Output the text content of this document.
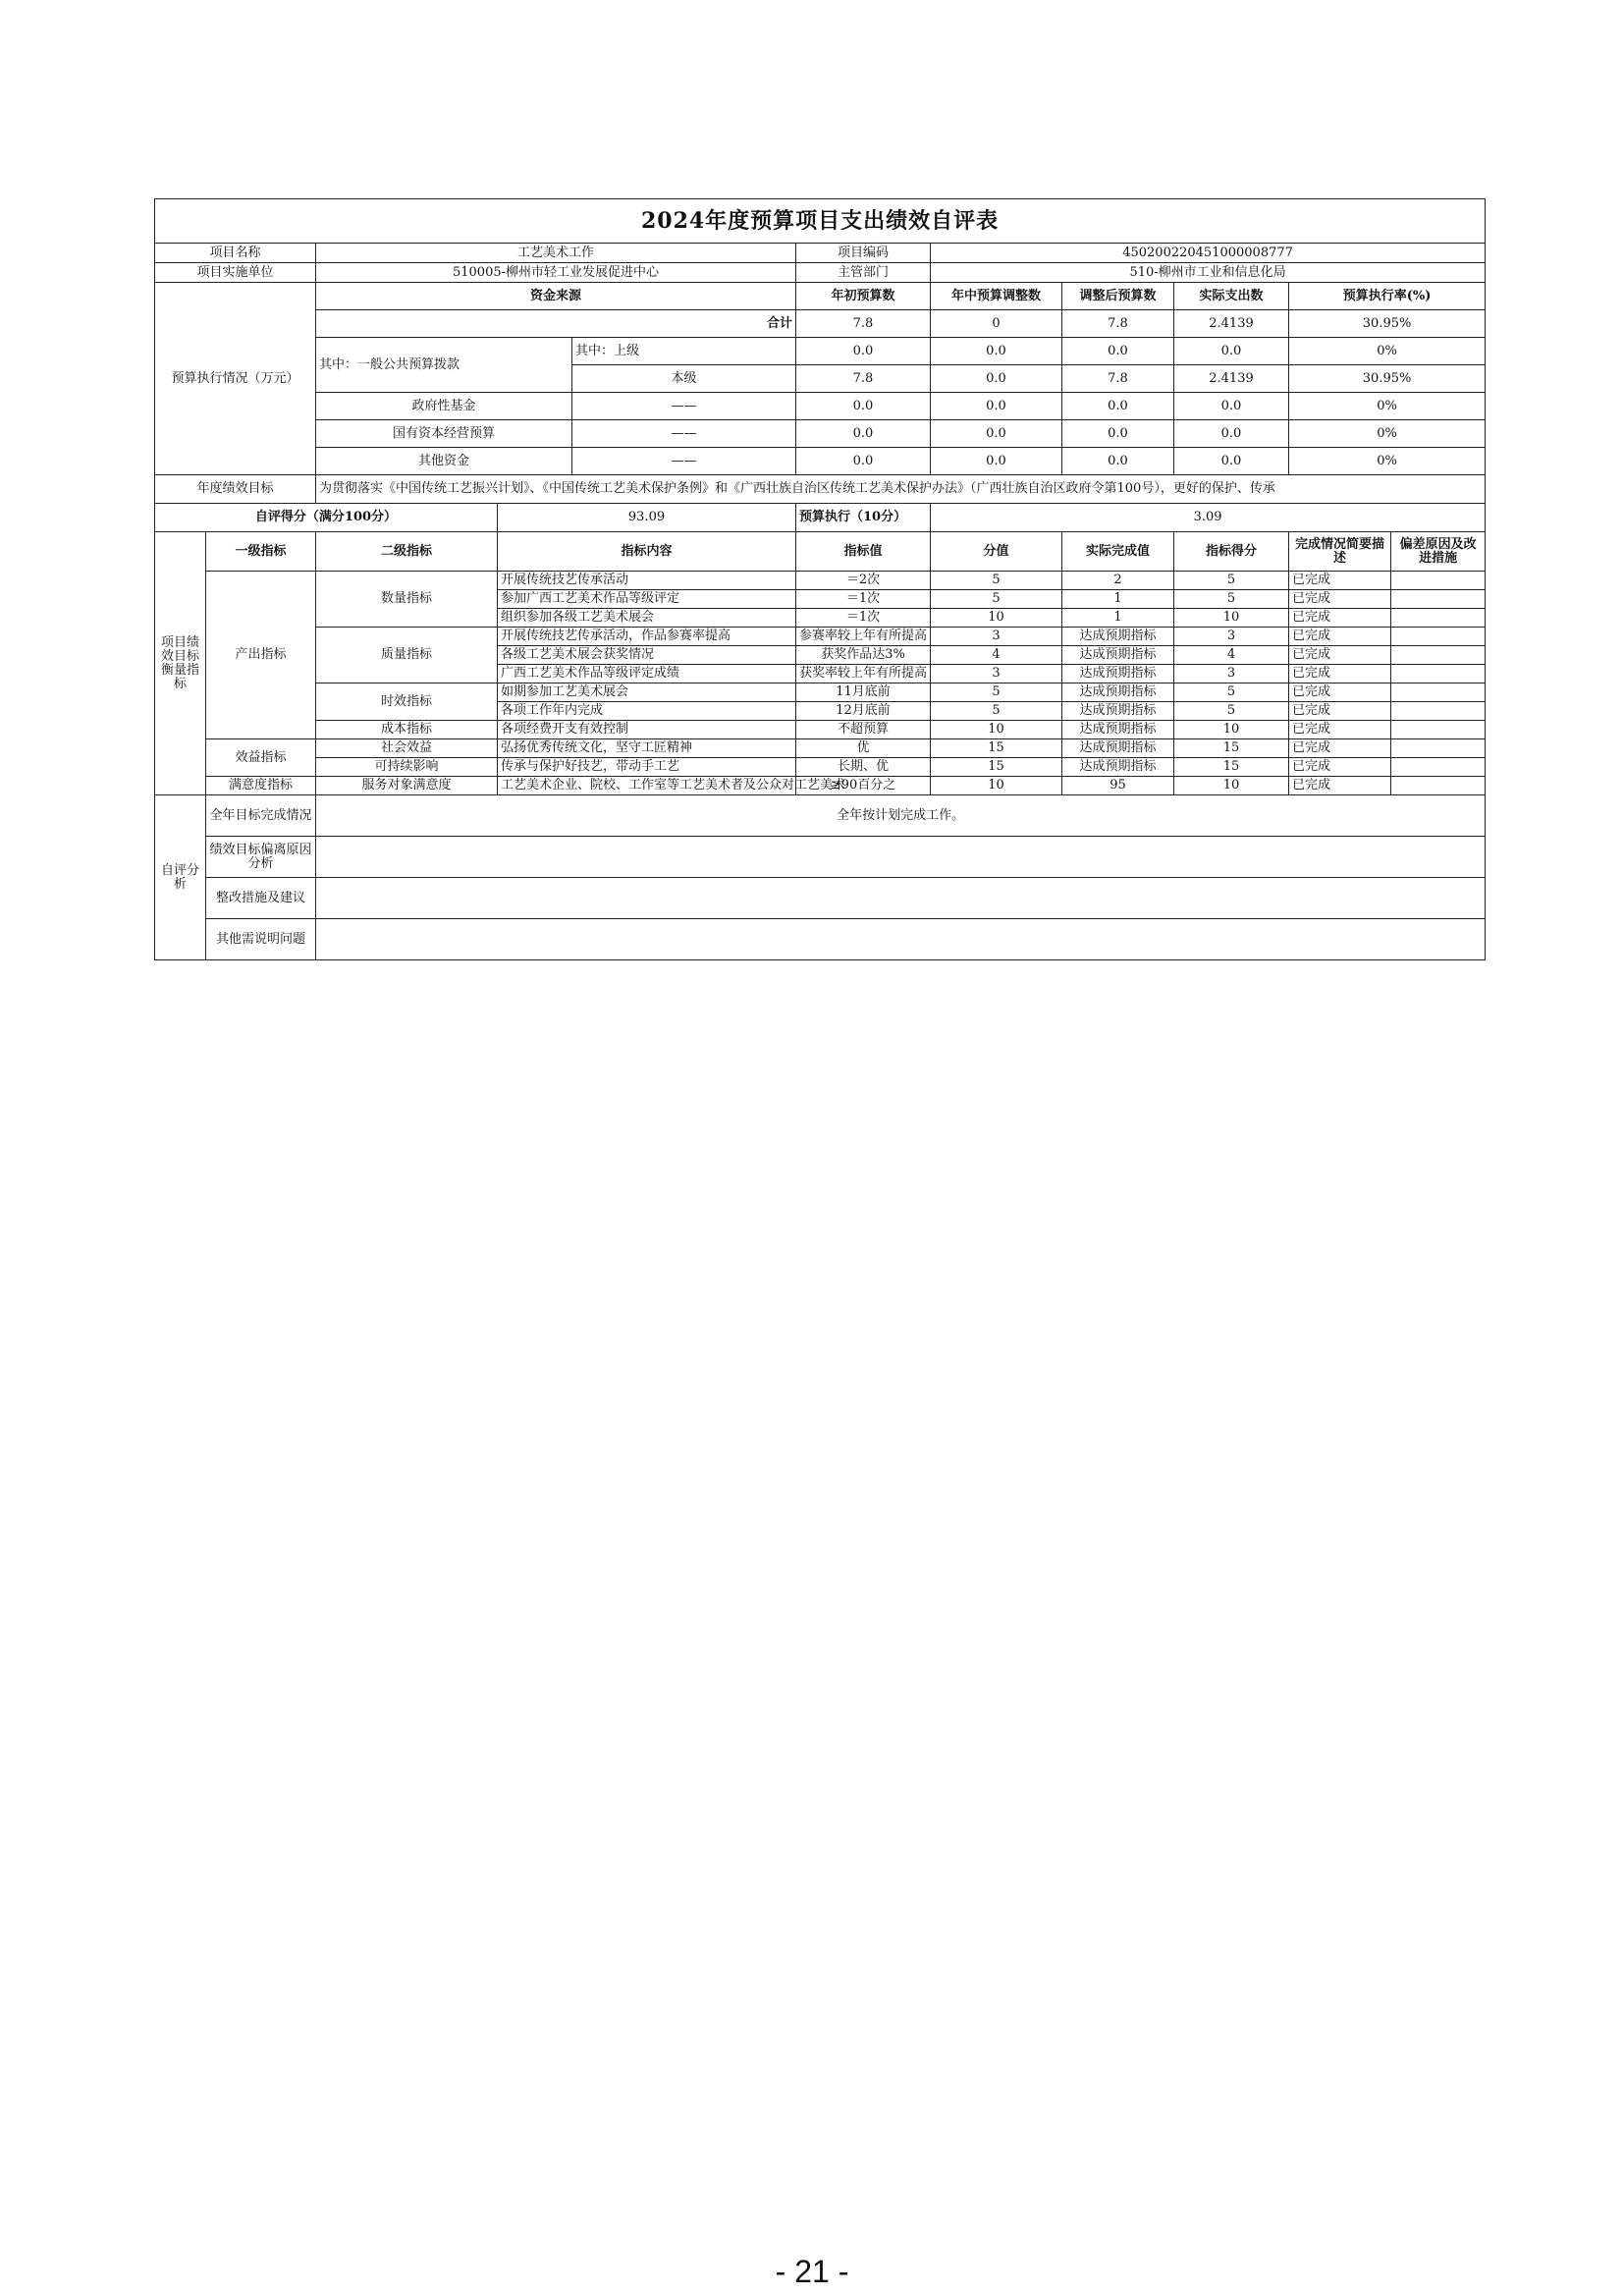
2024年度预算项目支出绩效自评表										
项目名称		工艺美术工作			项目编码	450200220451000008777				
项目实施单位		510005-柳州市轻工业发展促进中心			主管部门	510-柳州市工业和信息化局				
预算执行情况（万元）		资金来源			年初预算数	年中预算调整数	调整后预算数	实际支出数	预算执行率(%)	
		合计			7.8	0	7.8	2.4139	30.95%	
		其中：一般公共预算拨款		其中：上级	0.0	0.0	0.0	0.0	0%	
				本级	7.8	0.0	7.8	2.4139	30.95%	
		政府性基金		——	0.0	0.0	0.0	0.0	0%	
		国有资本经营预算		——	0.0	0.0	0.0	0.0	0%	
		其他资金		——	0.0	0.0	0.0	0.0	0%	
年度绩效目标		为贯彻落实《中国传统工艺振兴计划》、《中国传统工艺美术保护条例》和《广西壮族自治区传统工艺美术保护办法》（广西壮族自治区政府令第100号），更好的保护、传承								
自评得分（满分100分）			93.09		预算执行（10分）	3.09				
项目绩效目标衡量指标	一级指标	二级指标	指标内容		指标值	分值	实际完成值	指标得分	完成情况简要描述	偏差原因及改进措施
	产出指标	数量指标	开展传统技艺传承活动		＝2次	5	2	5	已完成	
			参加广西工艺美术作品等级评定		＝1次	5	1	5	已完成	
			组织参加各级工艺美术展会		＝1次	10	1	10	已完成	
		质量指标	开展传统技艺传承活动，作品参赛率提高		参赛率较上年有所提高	3	达成预期指标	3	已完成	
			各级工艺美术展会获奖情况		获奖作品达3%	4	达成预期指标	4	已完成	
			广西工艺美术作品等级评定成绩		获奖率较上年有所提高	3	达成预期指标	3	已完成	
		时效指标	如期参加工艺美术展会		11月底前	5	达成预期指标	5	已完成	
			各项工作年内完成		12月底前	5	达成预期指标	5	已完成	
		成本指标	各项经费开支有效控制		不超预算	10	达成预期指标	10	已完成	
	效益指标	社会效益	弘扬优秀传统文化，坚守工匠精神		优	15	达成预期指标	15	已完成	
		可持续影响	传承与保护好技艺，带动手工艺		长期、优	15	达成预期指标	15	已完成	
	满意度指标	服务对象满意度	工艺美术企业、院校、工作室等工艺美术者及公众对工艺美术		≥90百分之	10	95	10	已完成	
自评分析	全年目标完成情况	全年按计划完成工作。								
	绩效目标偏离原因分析									
	整改措施及建议									
	其他需说明问题									
- 21 -
